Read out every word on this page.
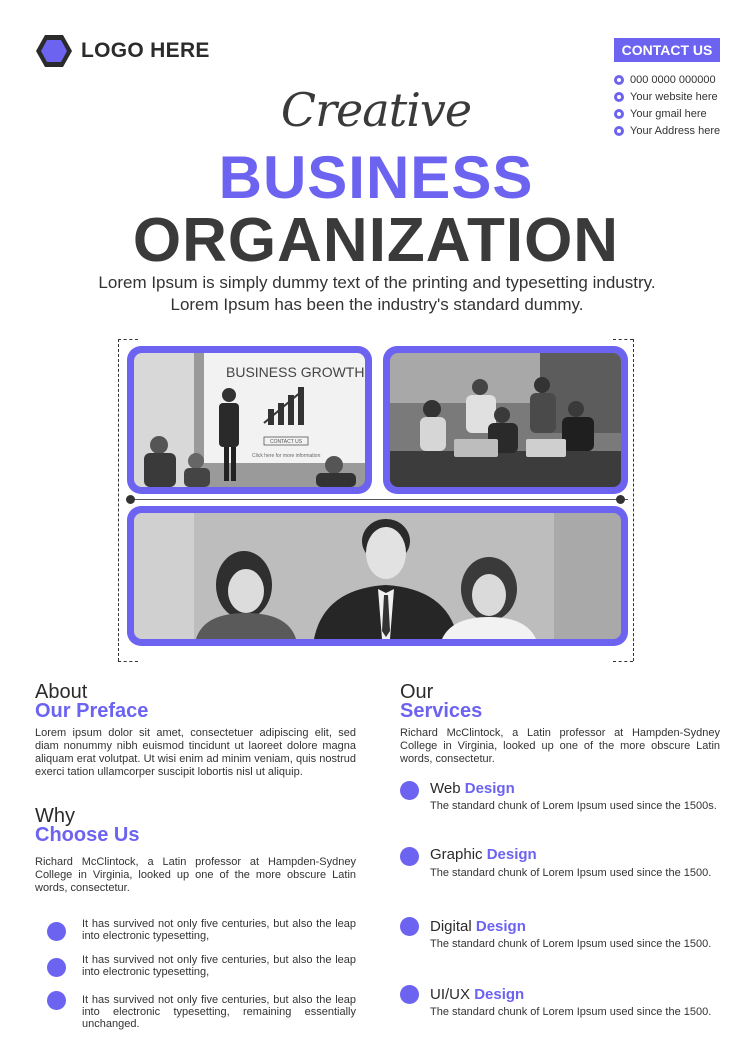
LOGO HERE	CONTACT US
000 0000 000000
Your website here
Your gmail here
Your Address here
Creative
BUSINESS
ORGANIZATION
Lorem Ipsum is simply dummy text of the printing and typesetting industry. Lorem Ipsum has been the industry's standard dummy.
BUSINESS GROWTH
CONTACT US
Click here for more information
About
Our Preface
Lorem ipsum dolor sit amet, consectetuer adipiscing elit, sed diam nonummy nibh euismod tincidunt ut laoreet dolore magna aliquam erat volutpat. Ut wisi enim ad minim veniam, quis nostrud exerci tation ullamcorper suscipit lobortis nisl ut aliquip.
Why
Choose Us
Richard McClintock, a Latin professor at Hampden-Sydney College in Virginia, looked up one of the more obscure Latin words, consectetur.
It has survived not only five centuries, but also the leap into electronic typesetting,
It has survived not only five centuries, but also the leap into electronic typesetting,
It has survived not only five centuries, but also the leap into electronic typesetting, remaining essentially unchanged.
Our
Services
Richard McClintock, a Latin professor at Hampden-Sydney College in Virginia, looked up one of the more obscure Latin words, consectetur.
Web Design
The standard chunk of Lorem Ipsum used since the 1500s.
Graphic Design
The standard chunk of Lorem Ipsum used since the 1500.
Digital Design
The standard chunk of Lorem Ipsum used since the 1500.
UI/UX Design
The standard chunk of Lorem Ipsum used since the 1500.
